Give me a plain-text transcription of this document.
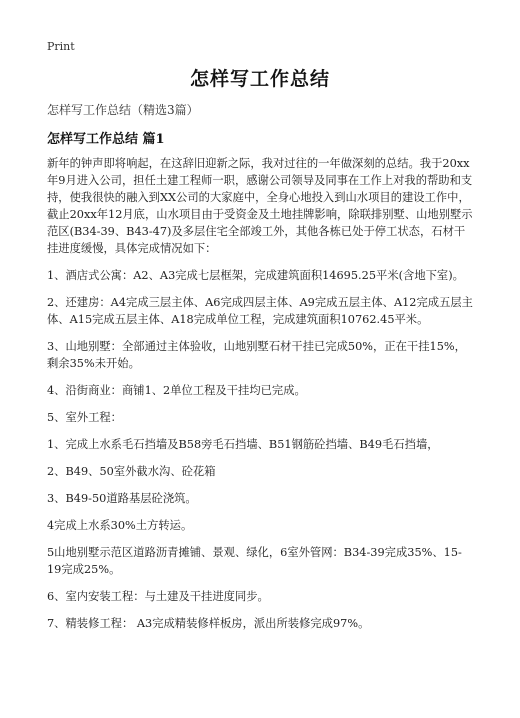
Print
怎样写工作总结
怎样写工作总结（精选3篇）
怎样写工作总结 篇1

新年的钟声即将响起，在这辞旧迎新之际，我对过往的一年做深刻的总结。我于20xx年9月进入公司，担任土建工程师一职，感谢公司领导及同事在工作上对我的帮助和支持，使我很快的融入到XX公司的大家庭中，全身心地投入到山水项目的建设工作中，截止20xx年12月底，山水项目由于受资金及土地挂牌影响，除联排别墅、山地别墅示范区(B34-39、B43-47)及多层住宅全部竣工外，其他各栋已处于停工状态，石材干挂进度缓慢，具体完成情况如下：

1、酒店式公寓：A2、A3完成七层框架，完成建筑面积14695.25平米(含地下室)。

2、还建房：A4完成三层主体、A6完成四层主体、A9完成五层主体、A12完成五层主体、A15完成五层主体、A18完成单位工程，完成建筑面积10762.45平米。

3、山地别墅：全部通过主体验收，山地别墅石材干挂已完成50%，正在干挂15%，剩余35%未开始。

4、沿街商业：商铺1、2单位工程及干挂均已完成。

5、室外工程：

1、完成上水系毛石挡墙及B58旁毛石挡墙、B51钢筋砼挡墙、B49毛石挡墙，

2、B49、50室外截水沟、砼花箱

3、B49-50道路基层砼浇筑。

4完成上水系30%土方转运。

5山地别墅示范区道路沥青摊铺、景观、绿化，6室外管网：B34-39完成35%、15-19完成25%。

6、室内安装工程：与土建及干挂进度同步。

7、精装修工程： A3完成精装修样板房，派出所装修完成97%。
